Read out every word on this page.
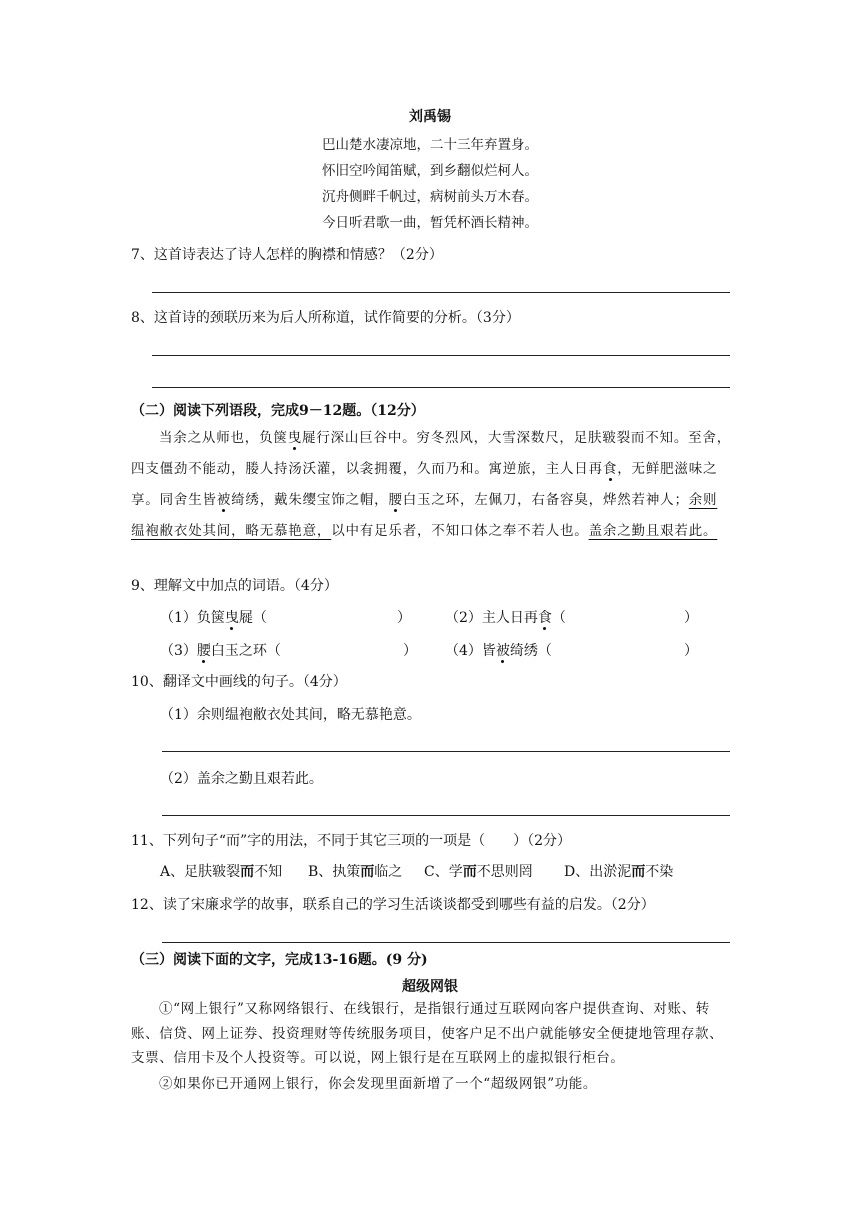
刘禹锡
巴山楚水凄凉地，二十三年弃置身。
怀旧空吟闻笛赋，到乡翻似烂柯人。
沉舟侧畔千帆过，病树前头万木春。
今日听君歌一曲，暂凭杯酒长精神。
7、这首诗表达了诗人怎样的胸襟和情感？（2分）
8、这首诗的颈联历来为后人所称道，试作简要的分析。（3分）
（二）阅读下列语段，完成9－12题。（12分）
当余之从师也，负箧曳屣行深山巨谷中。穷冬烈风，大雪深数尺，足肤皲裂而不知。至舍，四支僵劲不能动，媵人持汤沃灌，以衾拥覆，久而乃和。寓逆旅，主人日再食，无鲜肥滋味之享。同舍生皆被绮绣，戴朱缨宝饰之帽，腰白玉之环，左佩刀，右备容臭，烨然若神人；余则缊袍敝衣处其间，略无慕艳意，以中有足乐者，不知口体之奉不若人也。盖余之勤且艰若此。
9、理解文中加点的词语。（4分）
（1）负箧曳屣（	） （2）主人日再食（	）
（3）腰白玉之环（	） （4）皆被绮绣（	）
10、翻译文中画线的句子。（4分）
（1）余则缊袍敝衣处其间，略无慕艳意。
（2）盖余之勤且艰若此。
11、下列句子“而”字的用法，不同于其它三项的一项是（　　）（2分）
A、足肤皲裂而不知 B、执策而临之 C、学而不思则罔 D、出淤泥而不染
12、读了宋廉求学的故事，联系自己的学习生活谈谈都受到哪些有益的启发。（2分）
（三）阅读下面的文字，完成13-16题。(9 分)
超级网银
①“网上银行”又称网络银行、在线银行，是指银行通过互联网向客户提供查询、对账、转账、信贷、网上证券、投资理财等传统服务项目，使客户足不出户就能够安全便捷地管理存款、支票、信用卡及个人投资等。可以说，网上银行是在互联网上的虚拟银行柜台。
②如果你已开通网上银行，你会发现里面新增了一个“超级网银”功能。
